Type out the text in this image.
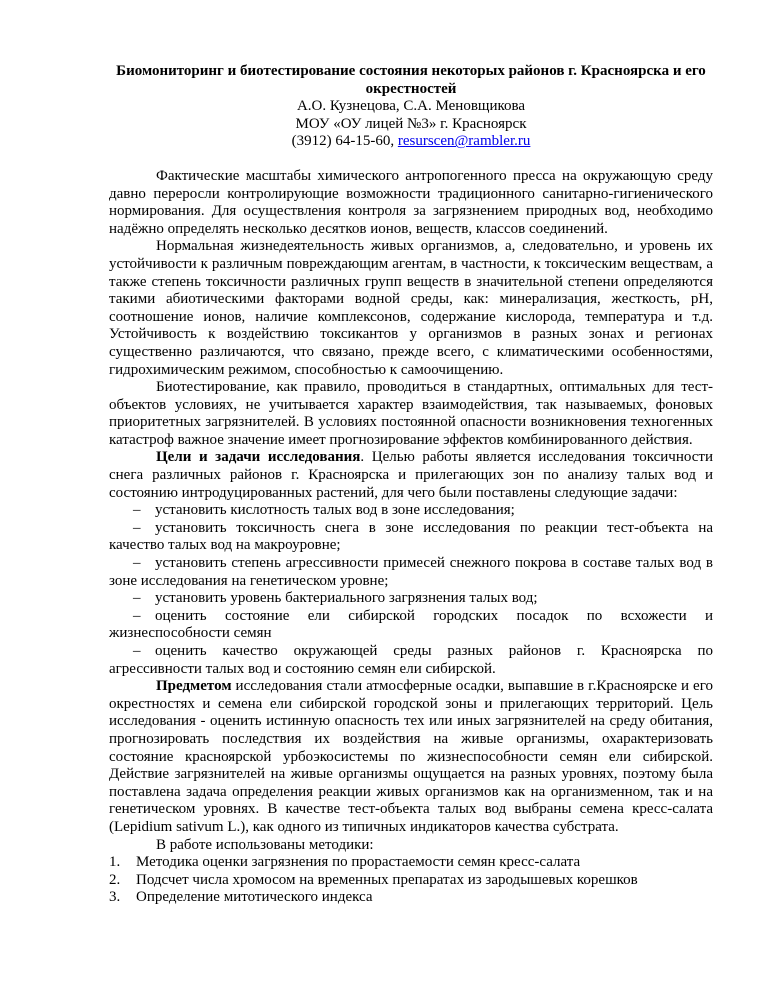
Биомониторинг и биотестирование состояния некоторых районов г. Красноярска и его окрестностей

А.О. Кузнецова, С.А. Меновщикова

МОУ «ОУ лицей №3» г. Красноярск

(3912) 64-15-60, resurscen@rambler.ru

Фактические масштабы химического антропогенного пресса на окружающую среду давно переросли контролирующие возможности традиционного санитарно-гигиенического нормирования. Для осуществления контроля за загрязнением природных вод, необходимо надёжно определять несколько десятков ионов, веществ, классов соединений.

Нормальная жизнедеятельность живых организмов, а, следовательно, и уровень их устойчивости к различным повреждающим агентам, в частности, к токсическим веществам, а также степень токсичности различных групп веществ в значительной степени определяются такими абиотическими факторами водной среды, как: минерализация, жесткость, pH, соотношение ионов, наличие комплексонов, содержание кислорода, температура и т.д. Устойчивость к воздействию токсикантов у организмов в разных зонах и регионах существенно различаются, что связано, прежде всего, с климатическими особенностями, гидрохимическим режимом, способностью к самоочищению.

Биотестирование, как правило, проводиться в стандартных, оптимальных для тест-объектов условиях, не учитывается характер взаимодействия, так называемых, фоновых приоритетных загрязнителей. В условиях постоянной опасности возникновения техногенных катастроф важное значение имеет прогнозирование эффектов комбинированного действия.

Цели и задачи исследования. Целью работы является исследования токсичности снега различных районов г. Красноярска и прилегающих зон по анализу талых вод и состоянию интродуцированных растений, для чего были поставлены следующие задачи:

– установить кислотность талых вод в зоне исследования;

– установить токсичность снега в зоне исследования по реакции тест-объекта на качество талых вод на макроуровне;

– установить степень агрессивности примесей снежного покрова в составе талых вод в зоне исследования на генетическом уровне;

– установить уровень бактериального загрязнения талых вод;

– оценить состояние ели сибирской городских посадок по всхожести и жизнеспособности семян

– оценить качество окружающей среды разных районов г. Красноярска по агрессивности талых вод и состоянию семян ели сибирской.

Предметом исследования стали атмосферные осадки, выпавшие в г.Красноярске и его окрестностях и семена ели сибирской городской зоны и прилегающих территорий. Цель исследования - оценить истинную опасность тех или иных загрязнителей на среду обитания, прогнозировать последствия их воздействия на живые организмы, охарактеризовать состояние красноярской урбоэкосистемы по жизнеспособности семян ели сибирской. Действие загрязнителей на живые организмы ощущается на разных уровнях, поэтому была поставлена задача определения реакции живых организмов как на организменном, так и на генетическом уровнях. В качестве тест-объекта талых вод выбраны семена кресс-салата (Lepidium sativum L.), как одного из типичных индикаторов качества субстрата.

В работе использованы методики:

1. Методика оценки загрязнения по прорастаемости семян кресс-салата
2. Подсчет числа хромосом на временных препаратах из зародышевых корешков
3. Определение митотического индекса
